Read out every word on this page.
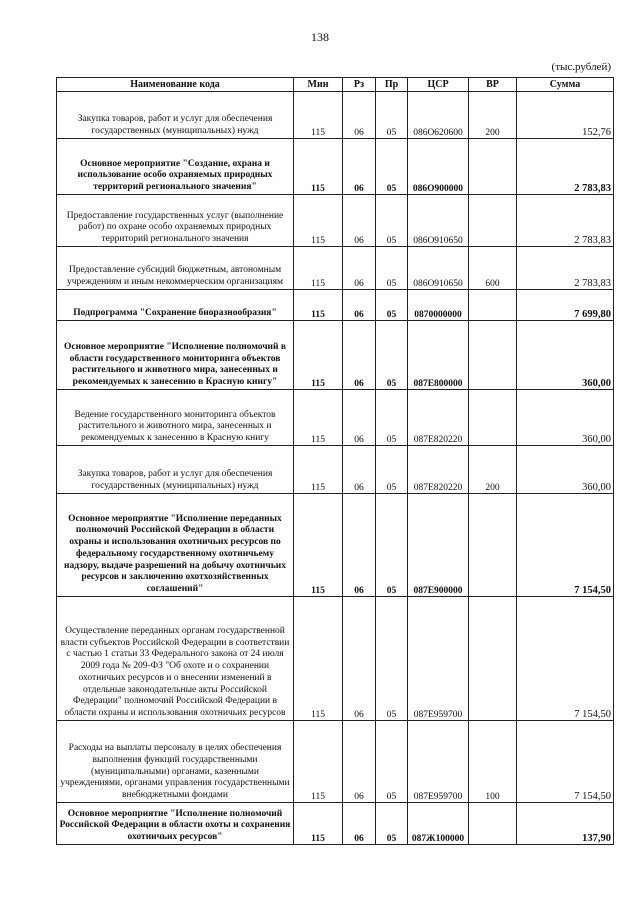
138
(тыс.рублей)
Наименование кода	Мин	Рз	Пр	ЦСР	ВР	Сумма
Закупка товаров, работ и услуг для обеспечения государственных (муниципальных) нужд	115	06	05	086О620600	200	152,76
Основное мероприятие "Создание, охрана и использование особо охраняемых природных территорий регионального значения"	115	06	05	086О900000		2 783,83
Предоставление государственных услуг (выполнение работ) по охране особо охраняемых природных территорий регионального значения	115	06	05	086О910650		2 783,83
Предоставление субсидий бюджетным, автономным учреждениям и иным некоммерческим организациям	115	06	05	086О910650	600	2 783,83
Подпрограмма "Сохранение биоразнообразия"	115	06	05	0870000000		7 699,80
Основное мероприятие "Исполнение полномочий в области государственного мониторинга объектов растительного и животного мира, занесенных и рекомендуемых к занесению в Красную книгу"	115	06	05	087Е800000		360,00
Ведение государственного мониторинга объектов растительного и животного мира, занесенных и рекомендуемых к занесению в Красную книгу	115	06	05	087Е820220		360,00
Закупка товаров, работ и услуг для обеспечения государственных (муниципальных) нужд	115	06	05	087Е820220	200	360,00
Основное мероприятие "Исполнение переданных полномочий Российской Федерации в области охраны и использования охотничьих ресурсов по федеральному государственному охотничьему надзору, выдаче разрешений на добычу охотничьих ресурсов и заключению охотхозяйственных соглашений"	115	06	05	087Е900000		7 154,50
Осуществление переданных органам государственной власти субъектов Российской Федерации в соответствии с частью 1 статьи 33 Федерального закона от 24 июля 2009 года № 209-ФЗ "Об охоте и о сохранении охотничьих ресурсов и о внесении изменений в отдельные законодательные акты Российской Федерации" полномочий Российской Федерации в области охраны и использования охотничьих ресурсов	115	06	05	087Е959700		7 154,50
Расходы на выплаты персоналу в целях обеспечения выполнения функций государственными (муниципальными) органами, казенными учреждениями, органами управления государственными внебюджетными фондами	115	06	05	087Е959700	100	7 154,50
Основное мероприятие "Исполнение полномочий Российской Федерации в области охоты и сохранения охотничьих ресурсов"	115	06	05	087Ж100000		137,90
